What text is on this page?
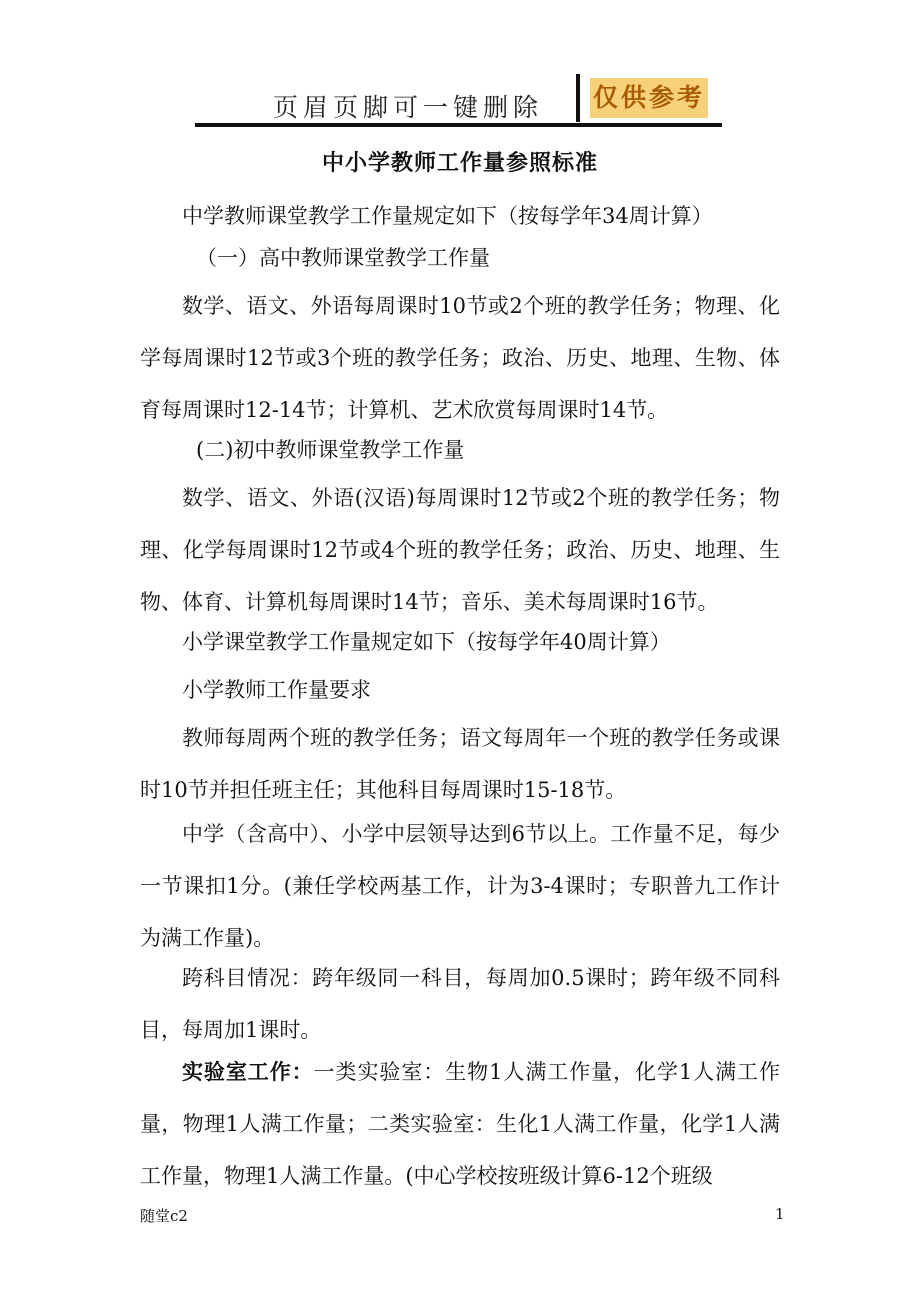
页眉页脚可一键删除 仅供参考
中小学教师工作量参照标准
中学教师课堂教学工作量规定如下（按每学年34周计算）
（一）高中教师课堂教学工作量
数学、语文、外语每周课时10节或2个班的教学任务；物理、化学每周课时12节或3个班的教学任务；政治、历史、地理、生物、体育每周课时12-14节；计算机、艺术欣赏每周课时14节。
(二)初中教师课堂教学工作量
数学、语文、外语(汉语)每周课时12节或2个班的教学任务；物理、化学每周课时12节或4个班的教学任务；政治、历史、地理、生物、体育、计算机每周课时14节；音乐、美术每周课时16节。
小学课堂教学工作量规定如下（按每学年40周计算）
小学教师工作量要求
教师每周两个班的教学任务；语文每周年一个班的教学任务或课时10节并担任班主任；其他科目每周课时15-18节。
中学（含高中）、小学中层领导达到6节以上。工作量不足，每少一节课扣1分。(兼任学校两基工作，计为3-4课时；专职普九工作计为满工作量)。
跨科目情况：跨年级同一科目，每周加0.5课时；跨年级不同科目，每周加1课时。
实验室工作：一类实验室：生物1人满工作量，化学1人满工作量，物理1人满工作量；二类实验室：生化1人满工作量，化学1人满工作量，物理1人满工作量。(中心学校按班级计算6-12个班级
随堂c2	1
